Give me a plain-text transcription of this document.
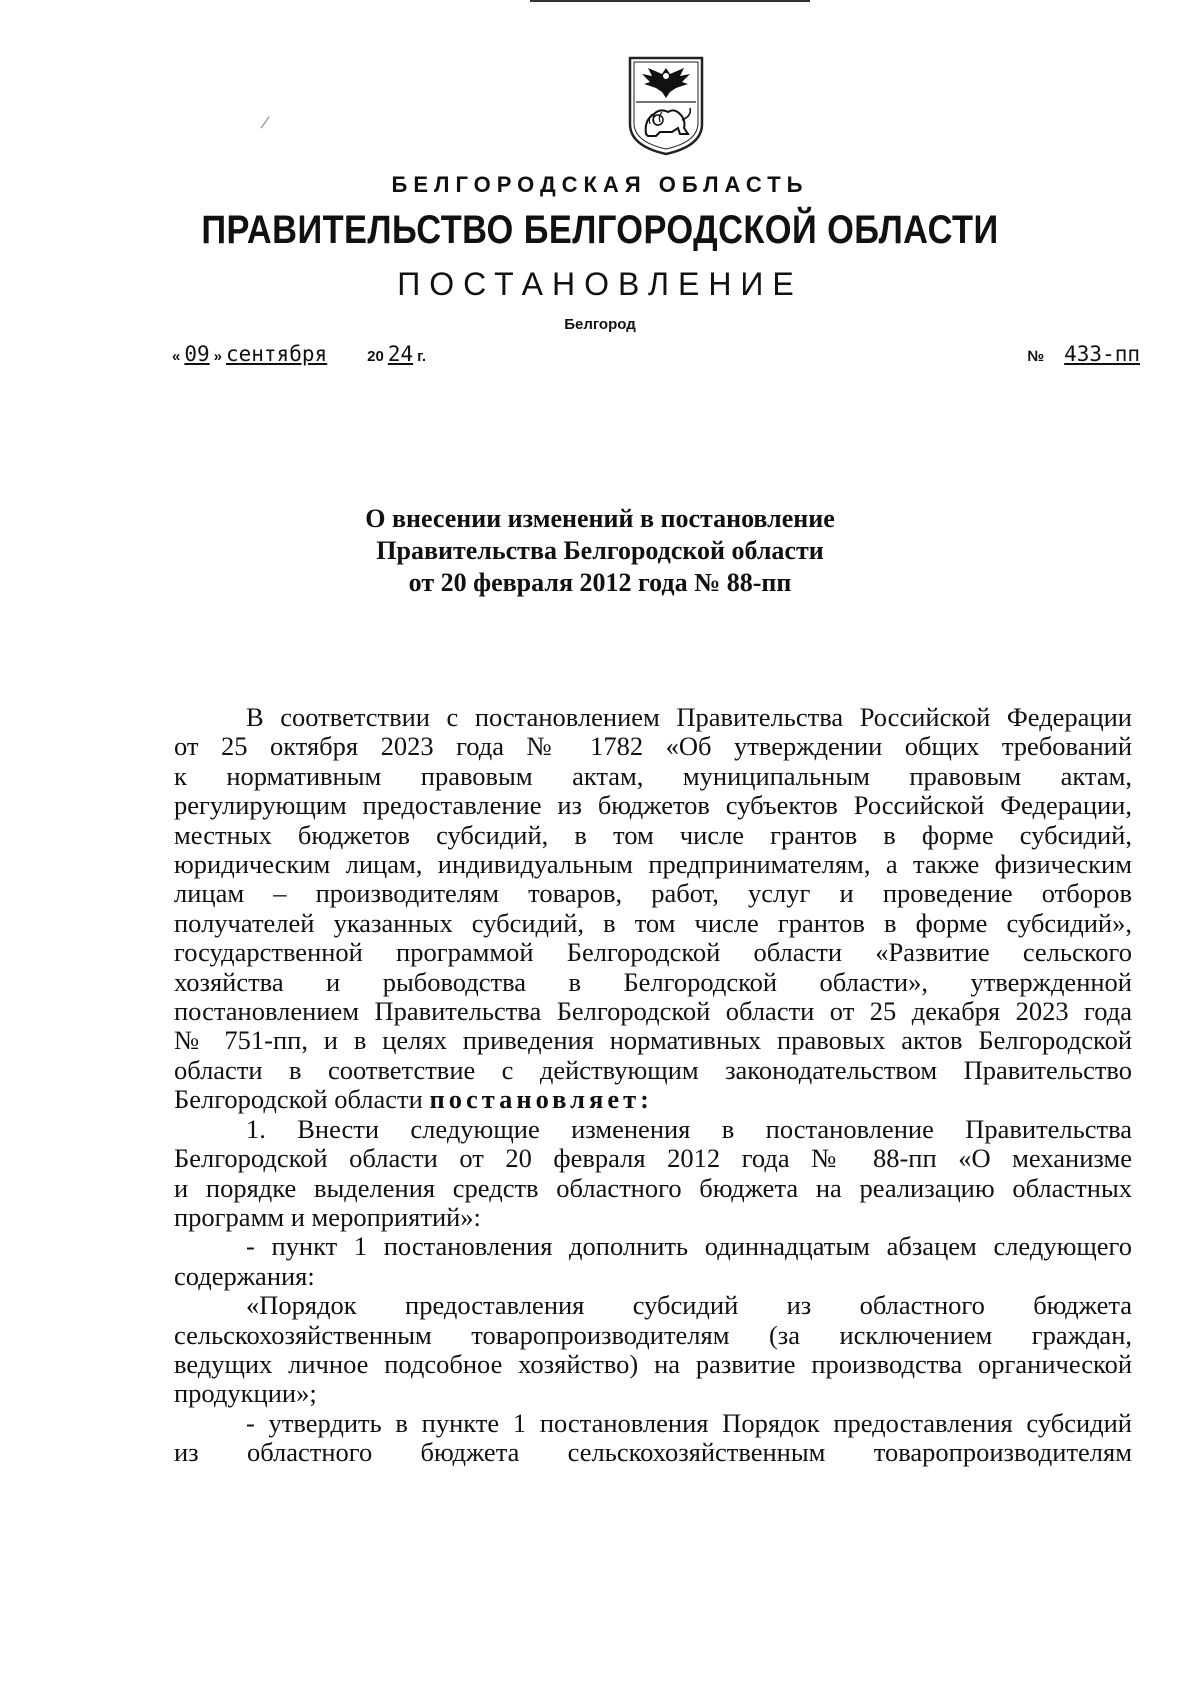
БЕЛГОРОДСКАЯ ОБЛАСТЬ
ПРАВИТЕЛЬСТВО БЕЛГОРОДСКОЙ ОБЛАСТИ
ПОСТАНОВЛЕНИЕ
Белгород
« 09 » сентября	20 24 г.	№ 433-пп
О внесении изменений в постановление
Правительства Белгородской области
от 20 февраля 2012 года № 88-пп

В соответствии с постановлением Правительства Российской Федерации

от 25 октября 2023 года № 1782 «Об утверждении общих требований

к нормативным правовым актам, муниципальным правовым актам,

регулирующим предоставление из бюджетов субъектов Российской Федерации,

местных бюджетов субсидий, в том числе грантов в форме субсидий,

юридическим лицам, индивидуальным предпринимателям, а также физическим

лицам – производителям товаров, работ, услуг и проведение отборов

получателей указанных субсидий, в том числе грантов в форме субсидий»,

государственной программой Белгородской области «Развитие сельского

хозяйства и рыбоводства в Белгородской области», утвержденной

постановлением Правительства Белгородской области от 25 декабря 2023 года

№ 751-пп, и в целях приведения нормативных правовых актов Белгородской

области в соответствие с действующим законодательством Правительство

Белгородской области постановляет:

1. Внести следующие изменения в постановление Правительства

Белгородской области от 20 февраля 2012 года № 88-пп «О механизме

и порядке выделения средств областного бюджета на реализацию областных

программ и мероприятий»:

- пункт 1 постановления дополнить одиннадцатым абзацем следующего

содержания:

«Порядок предоставления субсидий из областного бюджета

сельскохозяйственным товаропроизводителям (за исключением граждан,

ведущих личное подсобное хозяйство) на развитие производства органической

продукции»;

- утвердить в пункте 1 постановления Порядок предоставления субсидий

из областного бюджета сельскохозяйственным товаропроизводителям
